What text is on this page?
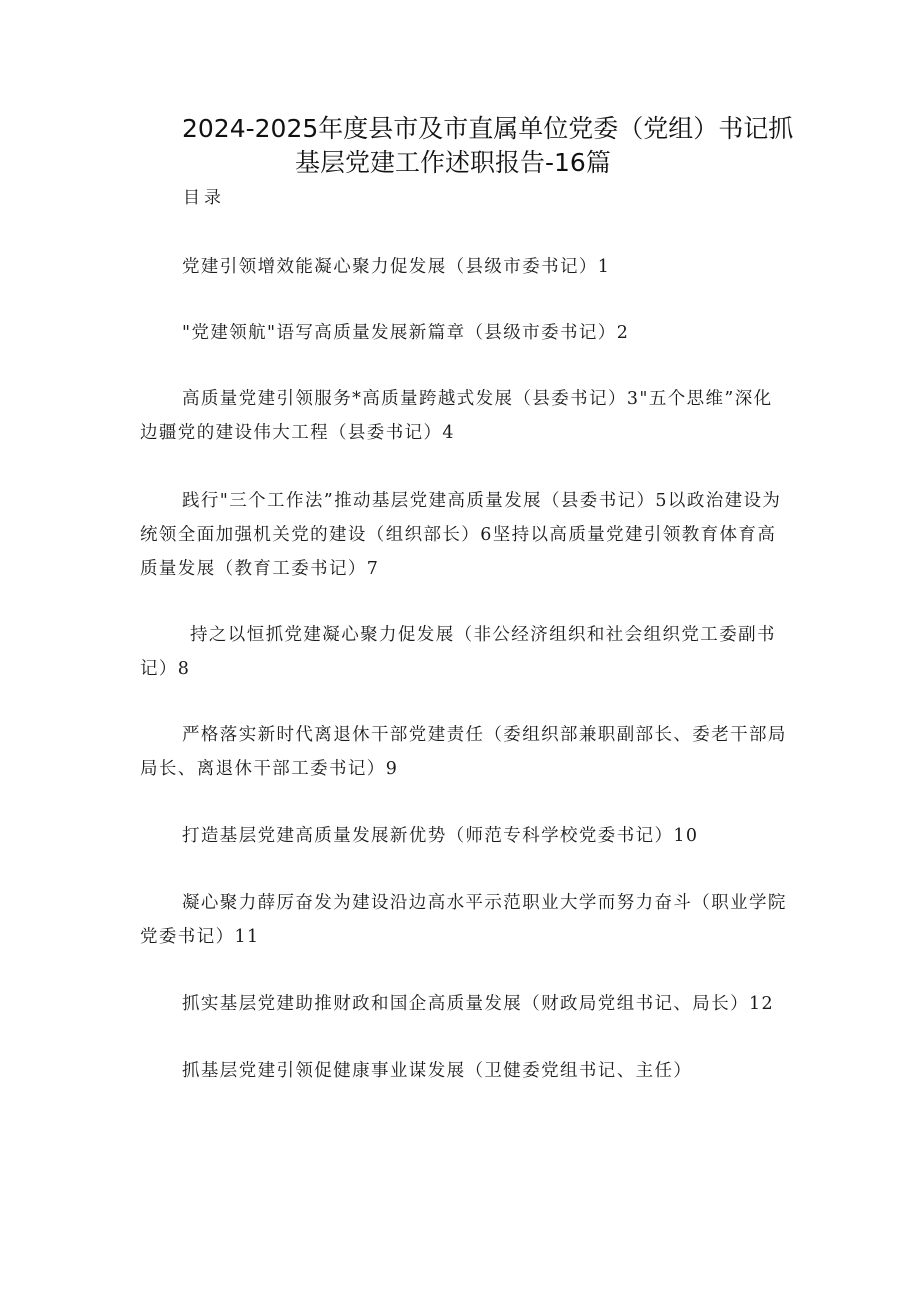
2024-2025年度县市及市直属单位党委（党组）书记抓
基层党建工作述职报告-16篇

目录

党建引领增效能凝心聚力促发展（县级市委书记）1
"党建领航"语写高质量发展新篇章（县级市委书记）2
高质量党建引领服务*高质量跨越式发展（县委书记）3"五个思维”深化边疆党的建设伟大工程（县委书记）4
践行"三个工作法”推动基层党建高质量发展（县委书记）5以政治建设为统领全面加强机关党的建设（组织部长）6坚持以高质量党建引领教育体育高质量发展（教育工委书记）7
持之以恒抓党建凝心聚力促发展（非公经济组织和社会组织党工委副书记）8
严格落实新时代离退休干部党建责任（委组织部兼职副部长、委老干部局局长、离退休干部工委书记）9
打造基层党建高质量发展新优势（师范专科学校党委书记）10
凝心聚力薛厉奋发为建设沿边高水平示范职业大学而努力奋斗（职业学院党委书记）11
抓实基层党建助推财政和国企高质量发展（财政局党组书记、局长）12
抓基层党建引领促健康事业谋发展（卫健委党组书记、主任）
